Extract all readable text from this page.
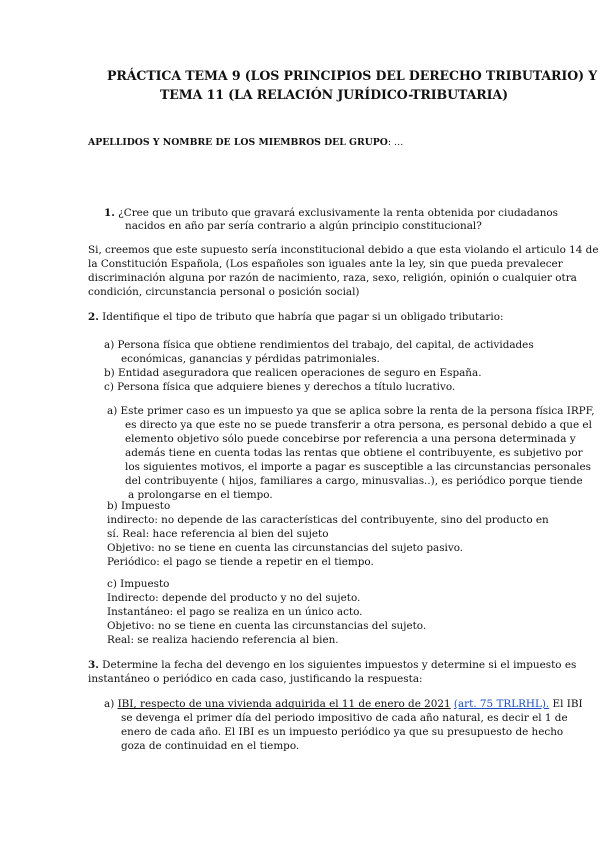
PRÁCTICA TEMA 9 (LOS PRINCIPIOS DEL DERECHO TRIBUTARIO) Y

TEMA 11 (LA RELACIÓN JURÍDICO-TRIBUTARIA)

APELLIDOS Y NOMBRE DE LOS MIEMBROS DEL GRUPO: …

1. ¿Cree que un tributo que gravará exclusivamente la renta obtenida por ciudadanos
nacidos en año par sería contrario a algún principio constitucional?
Si, creemos que este supuesto sería inconstitucional debido a que esta violando el articulo 14 de
la Constitución Española, (Los españoles son iguales ante la ley, sin que pueda prevalecer
discriminación alguna por razón de nacimiento, raza, sexo, religión, opinión o cualquier otra
condición, circunstancia personal o posición social)

2. Identifique el tipo de tributo que habría que pagar si un obligado tributario:

a) Persona física que obtiene rendimientos del trabajo, del capital, de actividades
económicas, ganancias y pérdidas patrimoniales.
b) Entidad aseguradora que realicen operaciones de seguro en España.
c) Persona física que adquiere bienes y derechos a título lucrativo.
a) Este primer caso es un impuesto ya que se aplica sobre la renta de la persona física IRPF,
es directo ya que este no se puede transferir a otra persona, es personal debido a que el
elemento objetivo sólo puede concebirse por referencia a una persona determinada y
además tiene en cuenta todas las rentas que obtiene el contribuyente, es subjetivo por
los siguientes motivos, el importe a pagar es susceptible a las circunstancias personales
del contribuyente ( hijos, familiares a cargo, minusvalias..), es periódico porque tiende
a prolongarse en el tiempo.
b) Impuesto
indirecto: no depende de las características del contribuyente, sino del producto en
sí. Real: hace referencia al bien del sujeto
Objetivo: no se tiene en cuenta las circunstancias del sujeto pasivo.
Periódico: el pago se tiende a repetir en el tiempo.
c) Impuesto
Indirecto: depende del producto y no del sujeto.
Instantáneo: el pago se realiza en un único acto.
Objetivo: no se tiene en cuenta las circunstancias del sujeto.
Real: se realiza haciendo referencia al bien.
3. Determine la fecha del devengo en los siguientes impuestos y determine si el impuesto es
instantáneo o periódico en cada caso, justificando la respuesta:
a) IBI, respecto de una vivienda adquirida el 11 de enero de 2021 (art. 75 TRLRHL). El IBI
se devenga el primer día del periodo impositivo de cada año natural, es decir el 1 de
enero de cada año. El IBI es un impuesto periódico ya que su presupuesto de hecho
goza de continuidad en el tiempo.
